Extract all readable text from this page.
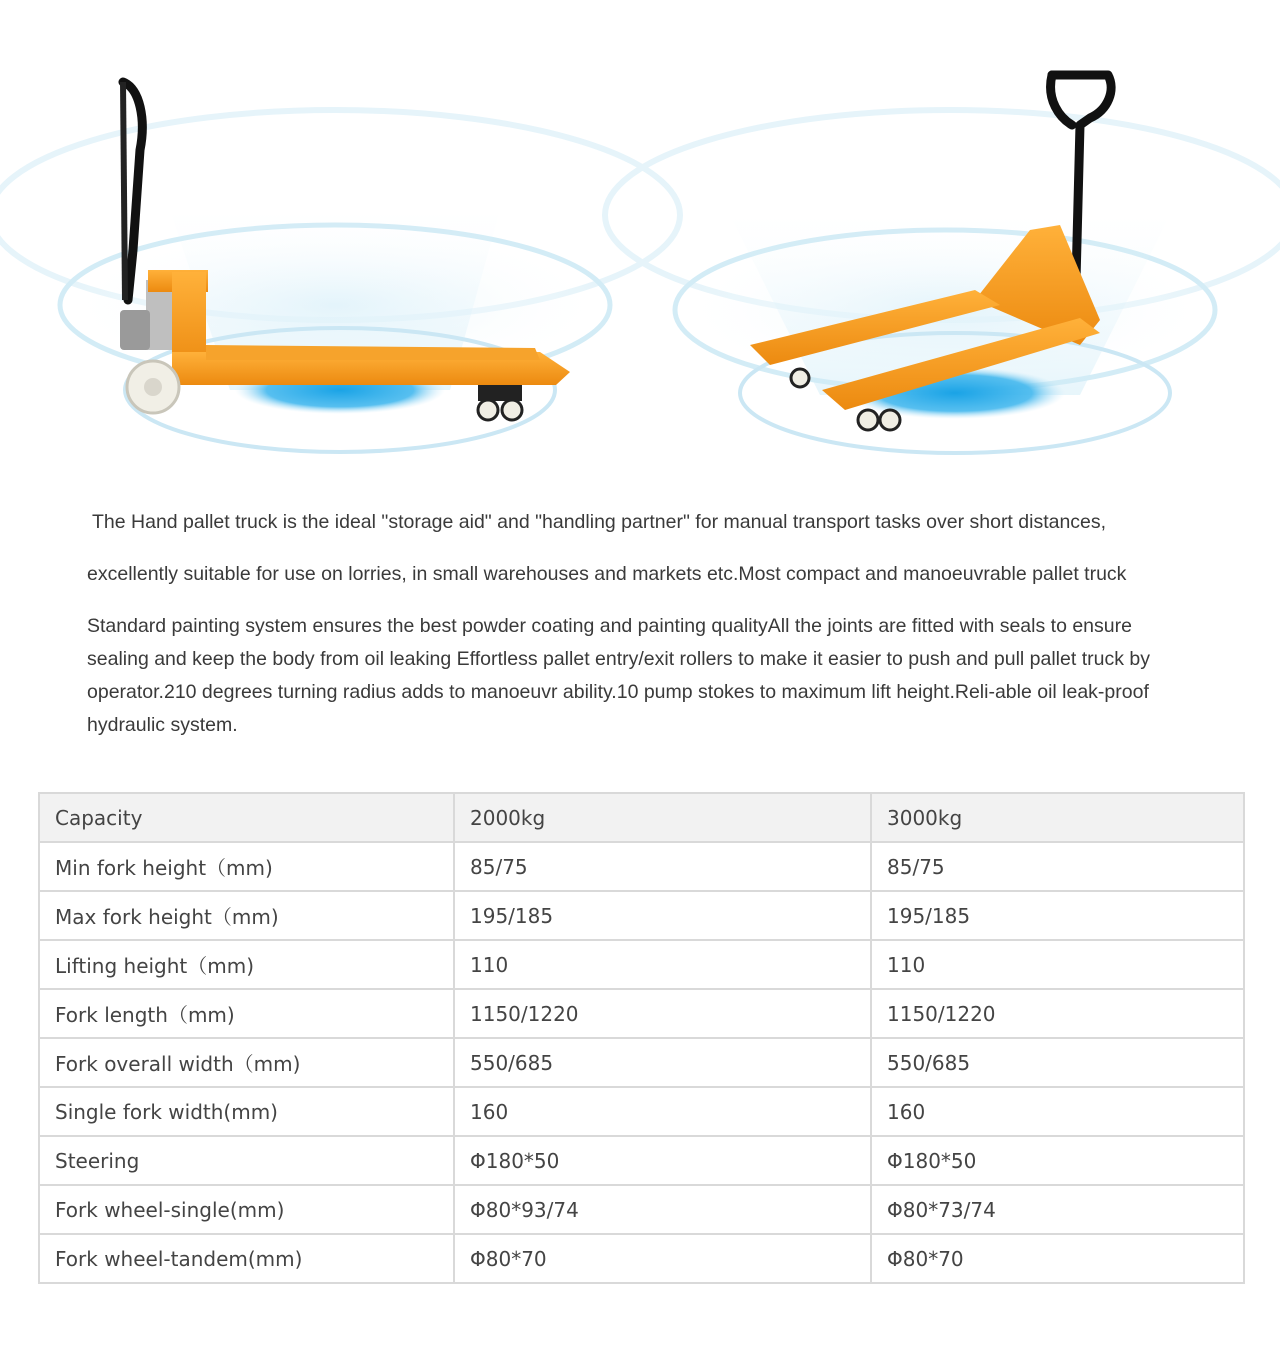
The Hand pallet truck is the ideal "storage aid" and "handling partner" for manual transport tasks over short distances,

excellently suitable for use on lorries, in small warehouses and markets etc.Most compact and manoeuvrable pallet truck

Standard painting system ensures the best powder coating and painting qualityAll the joints are fitted with seals to ensure sealing and keep the body from oil leaking Effortless pallet entry/exit rollers to make it easier to push and pull pallet truck by operator.210 degrees turning radius adds to manoeuvr ability.10 pump stokes to maximum lift height.Reli-able oil leak-proof hydraulic system.

Capacity	2000kg	3000kg
Min fork height（mm)	85/75	85/75
Max fork height（mm)	195/185	195/185
Lifting height（mm)	110	110
Fork length（mm)	1150/1220	1150/1220
Fork overall width（mm)	550/685	550/685
Single fork width(mm)	160	160
Steering	Φ180*50	Φ180*50
Fork wheel-single(mm)	Φ80*93/74	Φ80*73/74
Fork wheel-tandem(mm)	Φ80*70	Φ80*70
